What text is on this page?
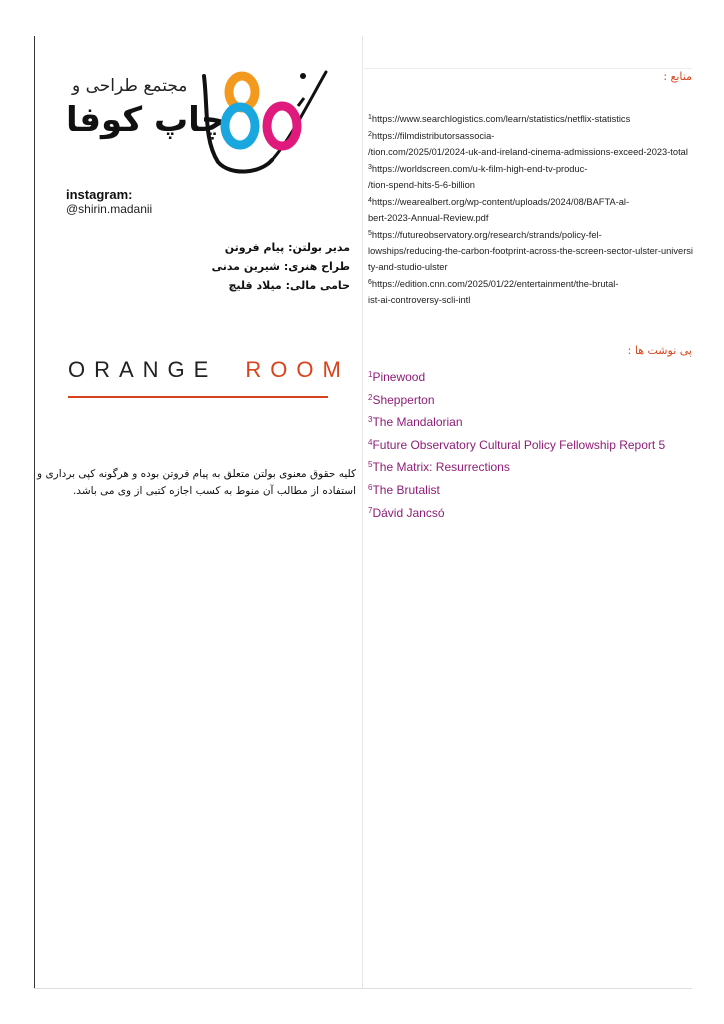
مجتمع طراحی و
چاپ کوفا
instagram:
@shirin.madanii
مدیر بولتن: پیام فروتن
طراح هنری: شیرین مدنی
حامی مالی: میلاد قلیچ
ORANGE ROOM
کلیه حقوق معنوی بولتن متعلق به پیام فروتن بوده و هرگونه کپی برداری و استفاده از مطالب آن منوط به کسب اجازه کتبی از وی می باشد.
منابع :
$^1$https://www.searchlogistics.com/learn/statistics/netflix-statistics
$^2$https://filmdistributorsassocia-
/tion.com/2025/01/2024-uk-and-ireland-cinema-admissions-exceed-2023-total
$^3$https://worldscreen.com/u-k-film-high-end-tv-produc-
/tion-spend-hits-5-6-billion
$^4$https://wearealbert.org/wp-content/uploads/2024/08/BAFTA-al-
bert-2023-Annual-Review.pdf
$^5$https://futureobservatory.org/research/strands/policy-fel-
lowships/reducing-the-carbon-footprint-across-the-screen-sector-ulster-universi
ty-and-studio-ulster
$^6$https://edition.cnn.com/2025/01/22/entertainment/the-brutal-
ist-ai-controversy-scli-intl
پی نوشت ها :
$^1$Pinewood
$^2$Shepperton
$^3$The Mandalorian
$^4$Future Observatory Cultural Policy Fellowship Report 5
$^5$The Matrix: Resurrections
$^6$The Brutalist
$^7$Dávid Jancsó
